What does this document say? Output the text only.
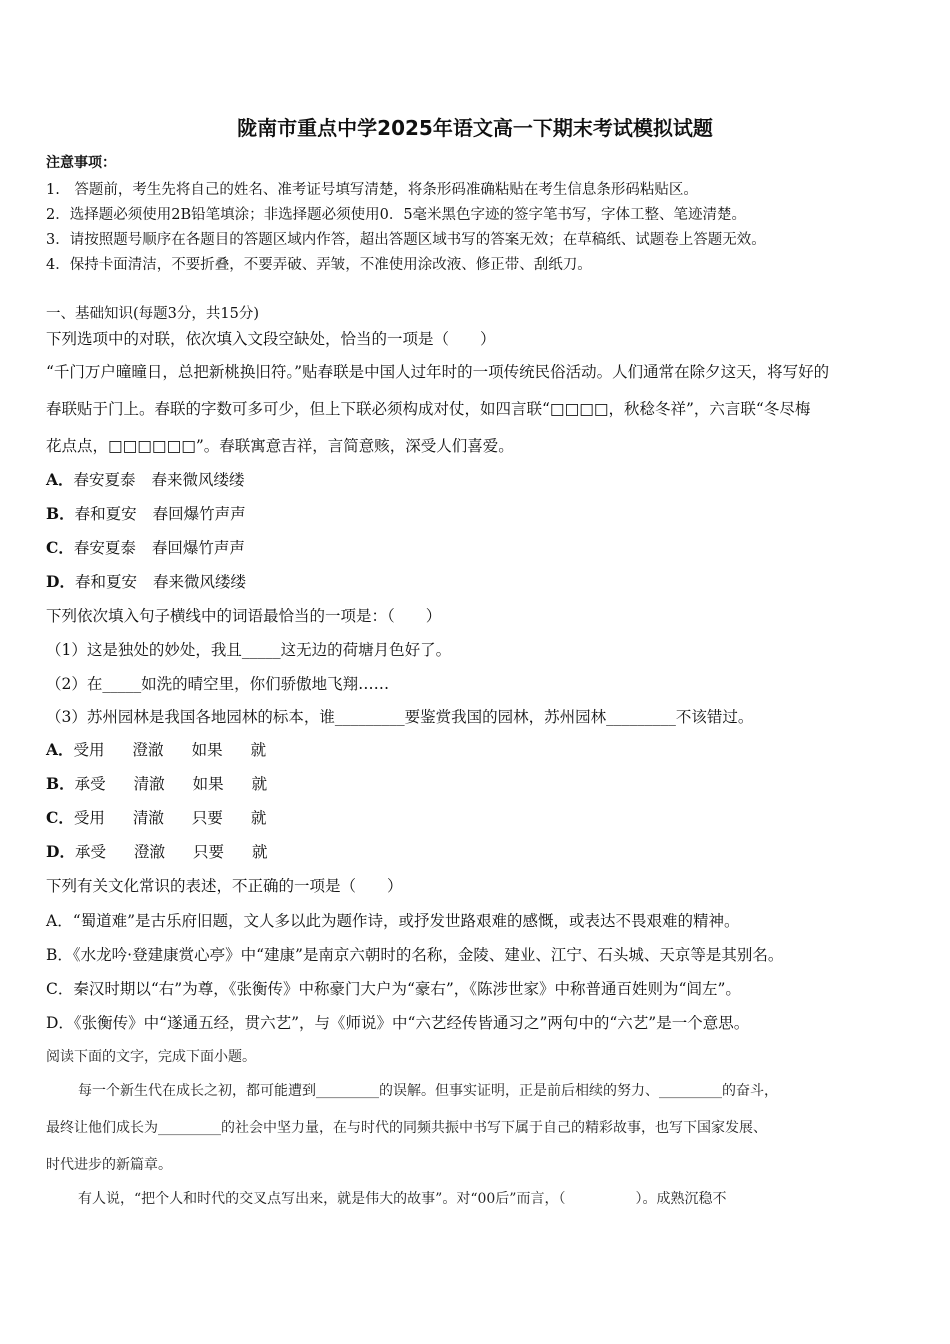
陇南市重点中学2025年语文高一下期末考试模拟试题
注意事项：
1.　答题前，考生先将自己的姓名、准考证号填写清楚，将条形码准确粘贴在考生信息条形码粘贴区。
2．选择题必须使用2B铅笔填涂；非选择题必须使用0．5毫米黑色字迹的签字笔书写，字体工整、笔迹清楚。
3．请按照题号顺序在各题目的答题区域内作答，超出答题区域书写的答案无效；在草稿纸、试题卷上答题无效。
4．保持卡面清洁，不要折叠，不要弄破、弄皱，不准使用涂改液、修正带、刮纸刀。
一、基础知识(每题3分，共15分)
下列选项中的对联，依次填入文段空缺处，恰当的一项是（　　）
“千门万户曈曈日，总把新桃换旧符。”贴春联是中国人过年时的一项传统民俗活动。人们通常在除夕这天，将写好的
春联贴于门上。春联的字数可多可少，但上下联必须构成对仗，如四言联“□□□□，秋稔冬祥”，六言联“冬尽梅
花点点，□□□□□□”。春联寓意吉祥，言简意赅，深受人们喜爱。
A．春安夏泰 春来微风缕缕
B．春和夏安 春回爆竹声声
C．春安夏泰 春回爆竹声声
D．春和夏安 春来微风缕缕
下列依次填入句子横线中的词语最恰当的一项是：（　　）
（1）这是独处的妙处，我且_____这无边的荷塘月色好了。
（2）在_____如洗的晴空里，你们骄傲地飞翔……
（3）苏州园林是我国各地园林的标本，谁_________要鉴赏我国的园林，苏州园林_________不该错过。
A．受用 澄澈 如果 就
B．承受 清澈 如果 就
C．受用 清澈 只要 就
D．承受 澄澈 只要 就
下列有关文化常识的表述，不正确的一项是（　　）
A．“蜀道难”是古乐府旧题，文人多以此为题作诗，或抒发世路艰难的感慨，或表达不畏艰难的精神。
B．《水龙吟·登建康赏心亭》中“建康”是南京六朝时的名称，金陵、建业、江宁、石头城、天京等是其别名。
C．秦汉时期以“右”为尊，《张衡传》中称豪门大户为“豪右”，《陈涉世家》中称普通百姓则为“闾左”。
D．《张衡传》中“遂通五经，贯六艺”，与《师说》中“六艺经传皆通习之”两句中的“六艺”是一个意思。
阅读下面的文字，完成下面小题。
每一个新生代在成长之初，都可能遭到_________的误解。但事实证明，正是前后相续的努力、_________的奋斗，
最终让他们成长为_________的社会中坚力量，在与时代的同频共振中书写下属于自己的精彩故事，也写下国家发展、
时代进步的新篇章。
有人说，“把个人和时代的交叉点写出来，就是伟大的故事”。对“00后”而言，（　　　　　）。成熟沉稳不
